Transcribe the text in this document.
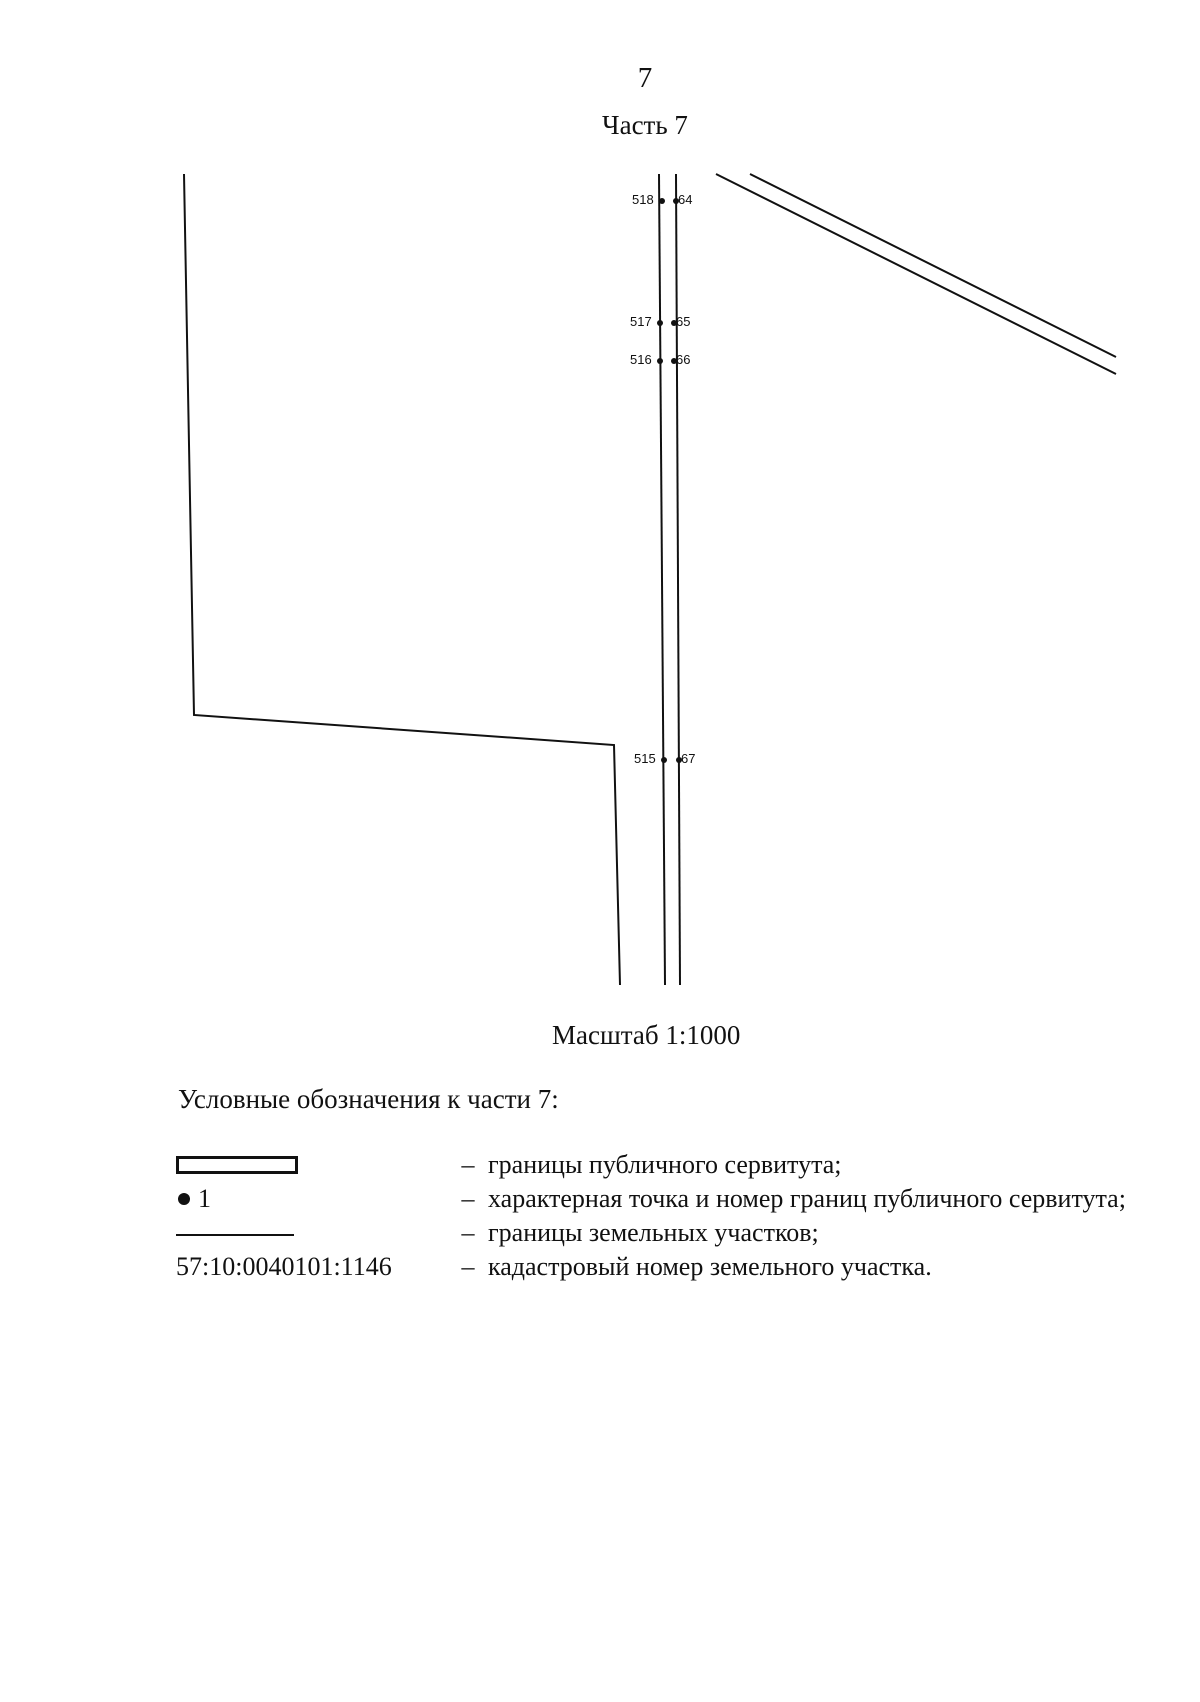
7
Часть 7
518 64
517 65
516 66
515 67
Масштаб 1:1000
Условные обозначения к части 7:
– границы публичного сервитута;
1	– характерная точка и номер границ публичного сервитута;
– границы земельных участков;
57:10:0040101:1146	– кадастровый номер земельного участка.
